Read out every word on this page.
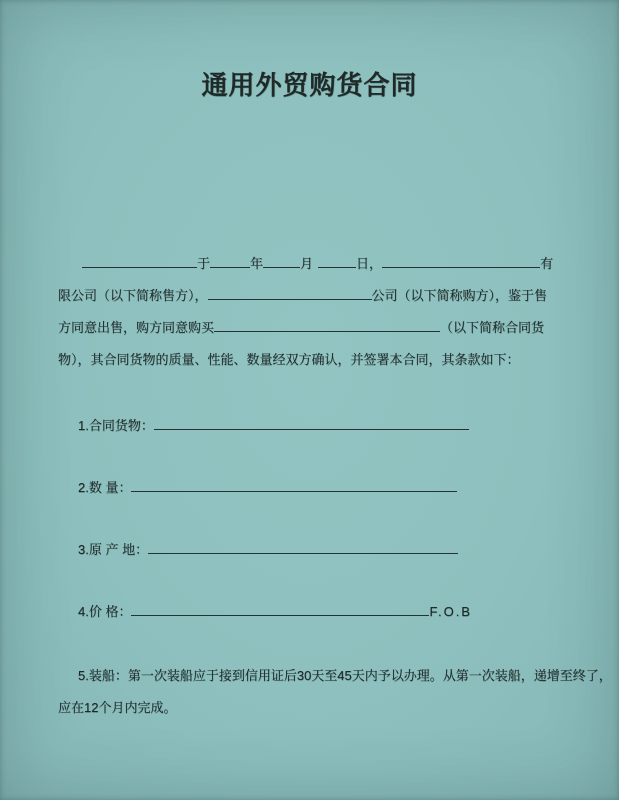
通用外贸购货合同
于	年	月	日，	有
限公司（以下简称售方），	公司（以下简称购方），鉴于售
方同意出售，购方同意购买	（以下简称合同货
物），其合同货物的质量、性能、数量经双方确认，并签署本合同，其条款如下：
1.合同货物：
2.数 量：
3.原 产 地：
4.价 格：	F.O.B
5.装船：第一次装船应于接到信用证后30天至45天内予以办理。从第一次装船，递增至终了，
应在12个月内完成。
